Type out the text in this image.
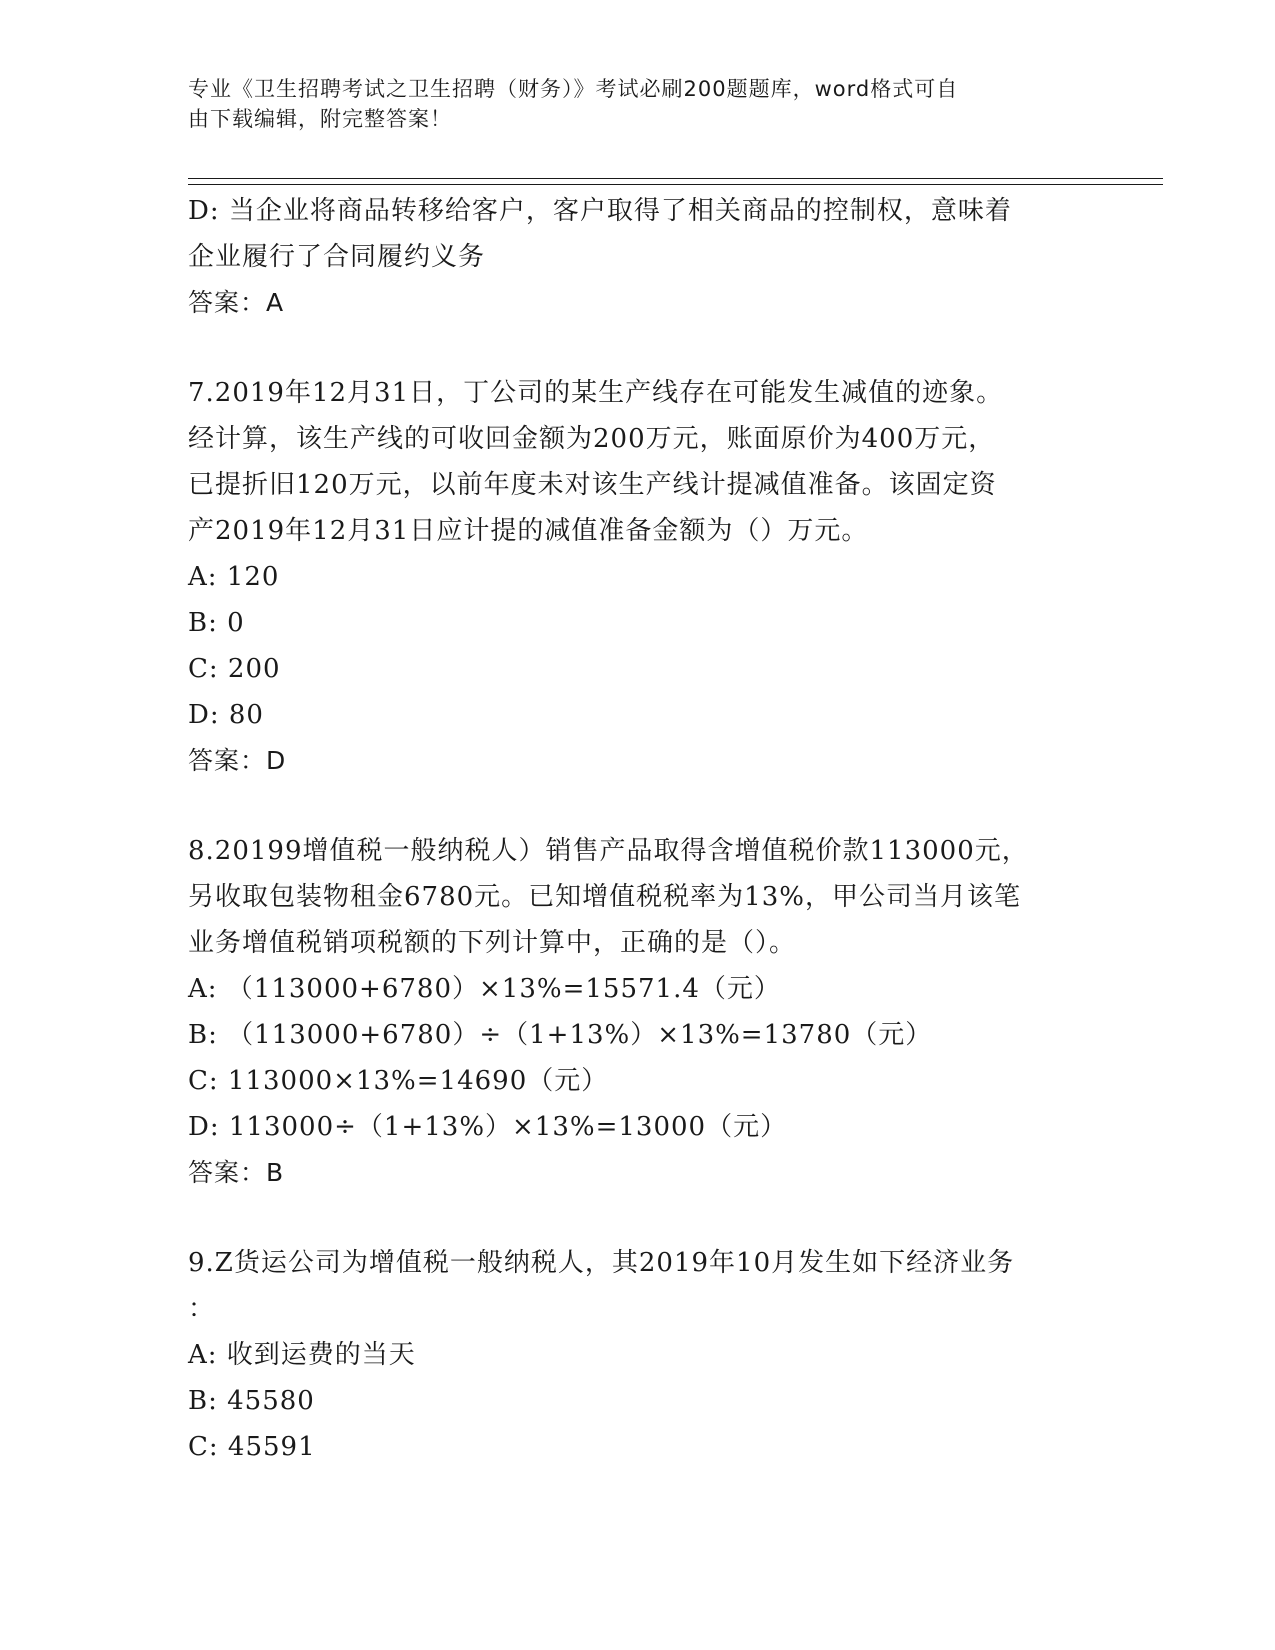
专业《卫生招聘考试之卫生招聘（财务）》考试必刷200题题库，word格式可自
由下载编辑，附完整答案！
D: 当企业将商品转移给客户，客户取得了相关商品的控制权，意味着
企业履行了合同履约义务
答案：A
7.2019年12月31日，丁公司的某生产线存在可能发生减值的迹象。
经计算，该生产线的可收回金额为200万元，账面原价为400万元，
已提折旧120万元，以前年度未对该生产线计提减值准备。该固定资
产2019年12月31日应计提的减值准备金额为（）万元。
A: 120
B: 0
C: 200
D: 80
答案：D
8.20199增值税一般纳税人）销售产品取得含增值税价款113000元，
另收取包装物租金6780元。已知增值税税率为13%，甲公司当月该笔
业务增值税销项税额的下列计算中，正确的是（）。
A: （113000+6780）×13%=15571.4（元）
B: （113000+6780）÷（1+13%）×13%=13780（元）
C: 113000×13%=14690（元）
D: 113000÷（1+13%）×13%=13000（元）
答案：B
9.Z货运公司为增值税一般纳税人，其2019年10月发生如下经济业务
：
A: 收到运费的当天
B: 45580
C: 45591
